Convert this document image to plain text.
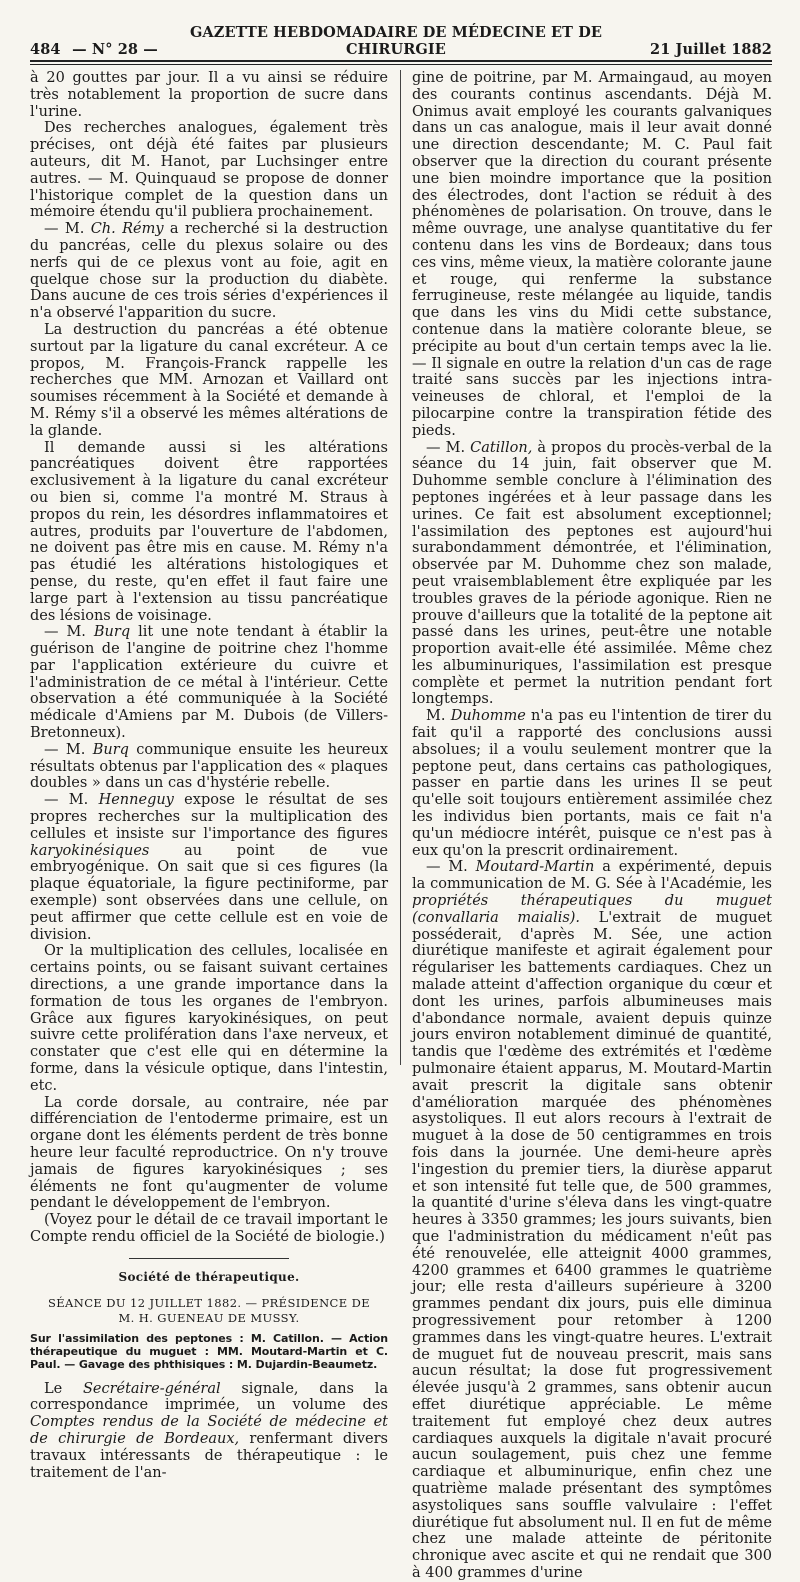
484 — N° 28 —
GAZETTE HEBDOMADAIRE DE MÉDECINE ET DE CHIRURGIE	21 Juillet 1882

à 20 gouttes par jour. Il a vu ainsi se réduire très notablement la proportion de sucre dans l'urine.

Des recherches analogues, également très précises, ont déjà été faites par plusieurs auteurs, dit M. Hanot, par Luchsinger entre autres. — M. Quinquaud se propose de donner l'historique complet de la question dans un mémoire étendu qu'il publiera prochainement.

— M. Ch. Rémy a recherché si la destruction du pancréas, celle du plexus solaire ou des nerfs qui de ce plexus vont au foie, agit en quelque chose sur la production du diabète. Dans aucune de ces trois séries d'expériences il n'a observé l'apparition du sucre.

La destruction du pancréas a été obtenue surtout par la ligature du canal excréteur. A ce propos, M. François-Franck rappelle les recherches que MM. Arnozan et Vaillard ont soumises récemment à la Société et demande à M. Rémy s'il a observé les mêmes altérations de la glande.

Il demande aussi si les altérations pancréatiques doivent être rapportées exclusivement à la ligature du canal excréteur ou bien si, comme l'a montré M. Straus à propos du rein, les désordres inflammatoires et autres, produits par l'ouverture de l'abdomen, ne doivent pas être mis en cause. M. Rémy n'a pas étudié les altérations histologiques et pense, du reste, qu'en effet il faut faire une large part à l'extension au tissu pancréatique des lésions de voisinage.

— M. Burq lit une note tendant à établir la guérison de l'angine de poitrine chez l'homme par l'application extérieure du cuivre et l'administration de ce métal à l'intérieur. Cette observation a été communiquée à la Société médicale d'Amiens par M. Dubois (de Villers-Bretonneux).

— M. Burq communique ensuite les heureux résultats obtenus par l'application des « plaques doubles » dans un cas d'hystérie rebelle.

— M. Henneguy expose le résultat de ses propres recherches sur la multiplication des cellules et insiste sur l'importance des figures karyokinésiques au point de vue embryogénique. On sait que si ces figures (la plaque équatoriale, la figure pectiniforme, par exemple) sont observées dans une cellule, on peut affirmer que cette cellule est en voie de division.

Or la multiplication des cellules, localisée en certains points, ou se faisant suivant certaines directions, a une grande importance dans la formation de tous les organes de l'embryon. Grâce aux figures karyokinésiques, on peut suivre cette prolifération dans l'axe nerveux, et constater que c'est elle qui en détermine la forme, dans la vésicule optique, dans l'intestin, etc.

La corde dorsale, au contraire, née par différenciation de l'entoderme primaire, est un organe dont les éléments perdent de très bonne heure leur faculté reproductrice. On n'y trouve jamais de figures karyokinésiques ; ses éléments ne font qu'augmenter de volume pendant le développement de l'embryon.

(Voyez pour le détail de ce travail important le Compte rendu officiel de la Société de biologie.)

Société de thérapeutique.
SÉANCE DU 12 JUILLET 1882. — PRÉSIDENCE DE
M. H. GUENEAU DE MUSSY.

Sur l'assimilation des peptones : M. Catillon. — Action thérapeutique du muguet : MM. Moutard-Martin et C. Paul. — Gavage des phthisiques : M. Dujardin-Beaumetz.

Le Secrétaire-général signale, dans la correspondance imprimée, un volume des Comptes rendus de la Société de médecine et de chirurgie de Bordeaux, renfermant divers travaux intéressants de thérapeutique : le traitement de l'an-

gine de poitrine, par M. Armaingaud, au moyen des courants continus ascendants. Déjà M. Onimus avait employé les courants galvaniques dans un cas analogue, mais il leur avait donné une direction descendante; M. C. Paul fait observer que la direction du courant présente une bien moindre importance que la position des électrodes, dont l'action se réduit à des phénomènes de polarisation. On trouve, dans le même ouvrage, une analyse quantitative du fer contenu dans les vins de Bordeaux; dans tous ces vins, même vieux, la matière colorante jaune et rouge, qui renferme la substance ferrugineuse, reste mélangée au liquide, tandis que dans les vins du Midi cette substance, contenue dans la matière colorante bleue, se précipite au bout d'un certain temps avec la lie. — Il signale en outre la relation d'un cas de rage traité sans succès par les injections intra-veineuses de chloral, et l'emploi de la pilocarpine contre la transpiration fétide des pieds.

— M. Catillon, à propos du procès-verbal de la séance du 14 juin, fait observer que M. Duhomme semble conclure à l'élimination des peptones ingérées et à leur passage dans les urines. Ce fait est absolument exceptionnel; l'assimilation des peptones est aujourd'hui surabondamment démontrée, et l'élimination, observée par M. Duhomme chez son malade, peut vraisemblablement être expliquée par les troubles graves de la période agonique. Rien ne prouve d'ailleurs que la totalité de la peptone ait passé dans les urines, peut-être une notable proportion avait-elle été assimilée. Même chez les albuminuriques, l'assimilation est presque complète et permet la nutrition pendant fort longtemps.

M. Duhomme n'a pas eu l'intention de tirer du fait qu'il a rapporté des conclusions aussi absolues; il a voulu seulement montrer que la peptone peut, dans certains cas pathologiques, passer en partie dans les urines Il se peut qu'elle soit toujours entièrement assimilée chez les individus bien portants, mais ce fait n'a qu'un médiocre intérêt, puisque ce n'est pas à eux qu'on la prescrit ordinairement.

— M. Moutard-Martin a expérimenté, depuis la communication de M. G. Sée à l'Académie, les propriétés thérapeutiques du muguet (convallaria maialis). L'extrait de muguet posséderait, d'après M. Sée, une action diurétique manifeste et agirait également pour régulariser les battements cardiaques. Chez un malade atteint d'affection organique du cœur et dont les urines, parfois albumineuses mais d'abondance normale, avaient depuis quinze jours environ notablement diminué de quantité, tandis que l'œdème des extrémités et l'œdème pulmonaire étaient apparus, M. Moutard-Martin avait prescrit la digitale sans obtenir d'amélioration marquée des phénomènes asystoliques. Il eut alors recours à l'extrait de muguet à la dose de 50 centigrammes en trois fois dans la journée. Une demi-heure après l'ingestion du premier tiers, la diurèse apparut et son intensité fut telle que, de 500 grammes, la quantité d'urine s'éleva dans les vingt-quatre heures à 3350 grammes; les jours suivants, bien que l'administration du médicament n'eût pas été renouvelée, elle atteignit 4000 grammes, 4200 grammes et 6400 grammes le quatrième jour; elle resta d'ailleurs supérieure à 3200 grammes pendant dix jours, puis elle diminua progressivement pour retomber à 1200 grammes dans les vingt-quatre heures. L'extrait de muguet fut de nouveau prescrit, mais sans aucun résultat; la dose fut progressivement élevée jusqu'à 2 grammes, sans obtenir aucun effet diurétique appréciable. Le même traitement fut employé chez deux autres cardiaques auxquels la digitale n'avait procuré aucun soulagement, puis chez une femme cardiaque et albuminurique, enfin chez une quatrième malade présentant des symptômes asystoliques sans souffle valvulaire : l'effet diurétique fut absolument nul. Il en fut de même chez une malade atteinte de péritonite chronique avec ascite et qui ne rendait que 300 à 400 grammes d'urine
